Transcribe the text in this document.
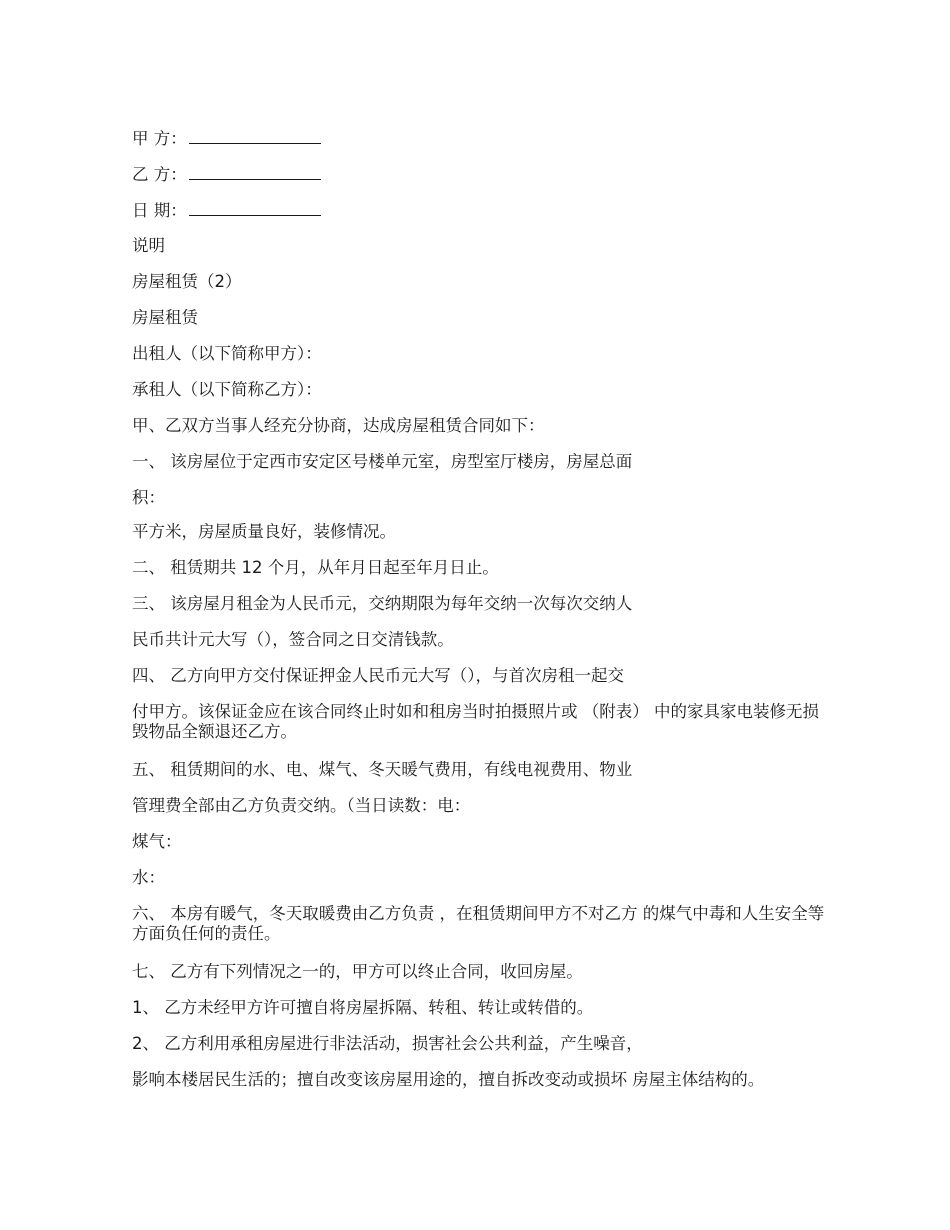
甲 方：
乙 方：
日 期：
说明
房屋租赁（2）
房屋租赁
出租人（以下简称甲方）：
承租人（以下简称乙方）：
甲、乙双方当事人经充分协商，达成房屋租赁合同如下：
一、 该房屋位于定西市安定区号楼单元室，房型室厅楼房，房屋总面
积：
平方米，房屋质量良好，装修情况。
二、 租赁期共 12 个月，从年月日起至年月日止。
三、 该房屋月租金为人民币元，交纳期限为每年交纳一次每次交纳人
民币共计元大写（），签合同之日交清钱款。
四、 乙方向甲方交付保证押金人民币元大写（），与首次房租一起交
付甲方。该保证金应在该合同终止时如和租房当时拍摄照片或 （附表） 中的家具家电装修无损毁物品全额退还乙方。
五、 租赁期间的水、电、煤气、冬天暖气费用，有线电视费用、物业
管理费全部由乙方负责交纳。（当日读数：电：
煤气：
水：
六、 本房有暖气，冬天取暖费由乙方负责 ，在租赁期间甲方不对乙方 的煤气中毒和人生安全等方面负任何的责任。
七、 乙方有下列情况之一的，甲方可以终止合同，收回房屋。
1、 乙方未经甲方许可擅自将房屋拆隔、转租、转让或转借的。
2、 乙方利用承租房屋进行非法活动，损害社会公共利益，产生噪音，
影响本楼居民生活的；擅自改变该房屋用途的，擅自拆改变动或损坏 房屋主体结构的。
